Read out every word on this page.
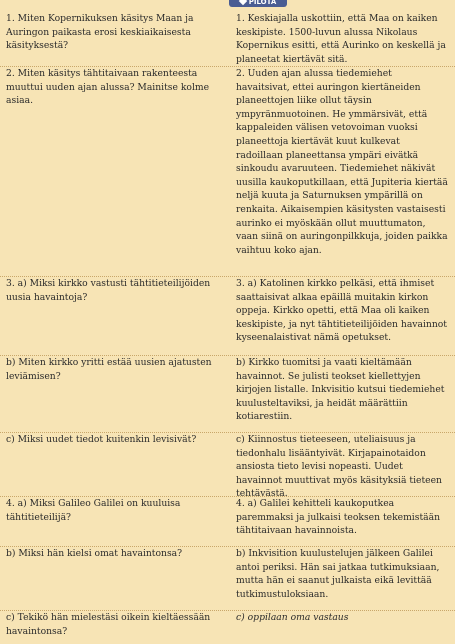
PILOTA
1. Miten Kopernikuksen käsitys Maan ja Auringon paikasta erosi keskiaikaisesta käsityksestä?
1. Keskiajalla uskottiin, että Maa on kaiken keskipiste. 1500-luvun alussa Nikolaus Kopernikus esitti, että Aurinko on keskellä ja planeetat kiertävät sitä.
2. Miten käsitys tähtitaivaan rakenteesta muuttui uuden ajan alussa? Mainitse kolme asiaa.
2. Uuden ajan alussa tiedemiehet havaitsivat, ettei auringon kiertäneiden planeettojen liike ollut täysin ympyränmuotoinen. He ymmärsivät, että kappaleiden välisen vetovoiman vuoksi planeettoja kiertävät kuut kulkevat radoillaan planeettansa ympäri eivätkä sinkoudu avaruuteen. Tiedemiehet näkivät uusilla kaukoputkillaan, että Jupiteria kiertää neljä kuuta ja Saturnuksen ympärillä on renkaita. Aikaisempien käsitysten vastaisesti aurinko ei myöskään ollut muuttumaton, vaan siinä on auringonpilkkuja, joiden paikka vaihtuu koko ajan.
3. a) Miksi kirkko vastusti tähtitieteilijöiden uusia havaintoja?
3. a) Katolinen kirkko pelkäsi, että ihmiset saattaisivat alkaa epäillä muitakin kirkon oppeja. Kirkko opetti, että Maa oli kaiken keskipiste, ja nyt tähtitieteilijöiden havainnot kyseenalaistivat nämä opetukset.
b) Miten kirkko yritti estää uusien ajatusten leviämisen?
b) Kirkko tuomitsi ja vaati kieltämään havainnot. Se julisti teokset kiellettyjen kirjojen listalle. Inkvisitio kutsui tiedemiehet kuulusteltaviksi, ja heidät määrättiin kotiarestiin.
c) Miksi uudet tiedot kuitenkin levisivät?	c) Kiinnostus tieteeseen, uteliaisuus ja tiedonhalu lisääntyivät. Kirjapainotaidon ansiosta tieto levisi nopeasti. Uudet havainnot muuttivat myös käsityksiä tieteen tehtävästä.
4. a) Miksi Galileo Galilei on kuuluisa tähtitieteilijä?
4. a) Galilei kehitteli kaukoputkea paremmaksi ja julkaisi teoksen tekemistään tähtitaivaan havainnoista.
b) Miksi hän kielsi omat havaintonsa?	b) Inkvisition kuulustelujen jälkeen Galilei antoi periksi. Hän sai jatkaa tutkimuksiaan, mutta hän ei saanut julkaista eikä levittää tutkimustuloksiaan.
c) Tekikö hän mielestäsi oikein kieltäessään havaintonsa?
c) oppilaan oma vastaus
